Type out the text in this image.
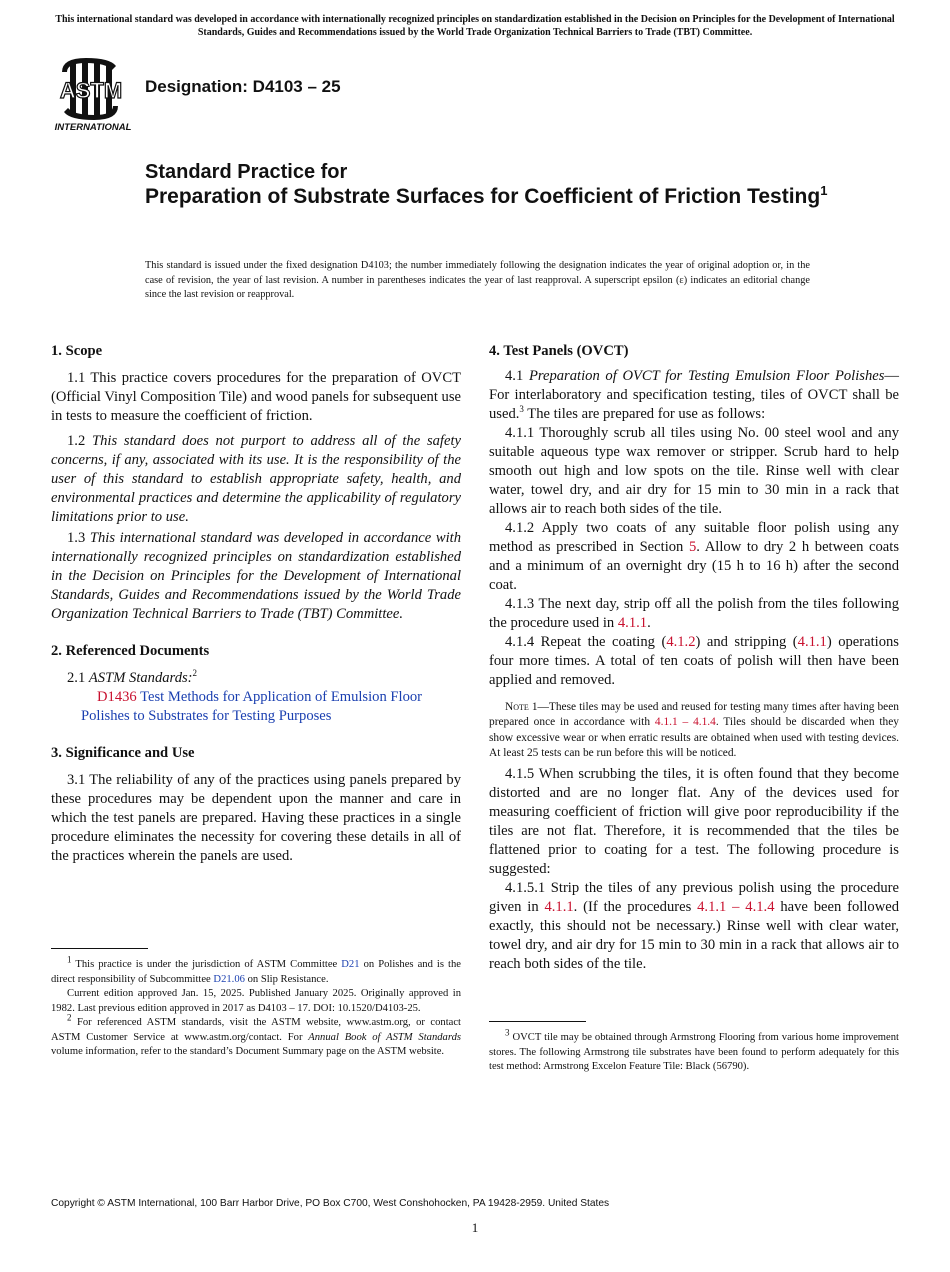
This international standard was developed in accordance with internationally recognized principles on standardization established in the Decision on Principles for the Development of International Standards, Guides and Recommendations issued by the World Trade Organization Technical Barriers to Trade (TBT) Committee.
ASTM
INTERNATIONAL
Designation: D4103 – 25
Standard Practice for
Preparation of Substrate Surfaces for Coefficient of Friction Testing$^1$
This standard is issued under the fixed designation D4103; the number immediately following the designation indicates the year of original adoption or, in the case of revision, the year of last revision. A number in parentheses indicates the year of last reapproval. A superscript epsilon (ε) indicates an editorial change since the last revision or reapproval.
1. Scope

1.1 This practice covers procedures for the preparation of OVCT (Official Vinyl Composition Tile) and wood panels for subsequent use in tests to measure the coefficient of friction.

1.2 This standard does not purport to address all of the safety concerns, if any, associated with its use. It is the responsibility of the user of this standard to establish appropriate safety, health, and environmental practices and determine the applicability of regulatory limitations prior to use.

1.3 This international standard was developed in accordance with internationally recognized principles on standardization established in the Decision on Principles for the Development of International Standards, Guides and Recommendations issued by the World Trade Organization Technical Barriers to Trade (TBT) Committee.

2. Referenced Documents

2.1 ASTM Standards:$^2$

D1436 Test Methods for Application of Emulsion Floor Polishes to Substrates for Testing Purposes

3. Significance and Use

3.1 The reliability of any of the practices using panels prepared by these procedures may be dependent upon the manner and care in which the test panels are prepared. Having these practices in a single procedure eliminates the necessity for covering these details in all of the practices wherein the panels are used.

4. Test Panels (OVCT)

4.1 Preparation of OVCT for Testing Emulsion Floor Polishes—For interlaboratory and specification testing, tiles of OVCT shall be used.$^3$ The tiles are prepared for use as follows:

4.1.1 Thoroughly scrub all tiles using No. 00 steel wool and any suitable aqueous type wax remover or stripper. Scrub hard to help smooth out high and low spots on the tile. Rinse well with clear water, towel dry, and air dry for 15 min to 30 min in a rack that allows air to reach both sides of the tile.

4.1.2 Apply two coats of any suitable floor polish using any method as prescribed in Section 5. Allow to dry 2 h between coats and a minimum of an overnight dry (15 h to 16 h) after the second coat.

4.1.3 The next day, strip off all the polish from the tiles following the procedure used in 4.1.1.

4.1.4 Repeat the coating (4.1.2) and stripping (4.1.1) operations four more times. A total of ten coats of polish will then have been applied and removed.

Note 1—These tiles may be used and reused for testing many times after having been prepared once in accordance with 4.1.1 – 4.1.4. Tiles should be discarded when they show excessive wear or when erratic results are obtained when used with testing devices. At least 25 tests can be run before this will be noticed.

4.1.5 When scrubbing the tiles, it is often found that they become distorted and are no longer flat. Any of the devices used for measuring coefficient of friction will give poor reproducibility if the tiles are not flat. Therefore, it is recommended that the tiles be flattened prior to coating for a test. The following procedure is suggested:

4.1.5.1 Strip the tiles of any previous polish using the procedure given in 4.1.1. (If the procedures 4.1.1 – 4.1.4 have been followed exactly, this should not be necessary.) Rinse well with clear water, towel dry, and air dry for 15 min to 30 min in a rack that allows air to reach both sides of the tile.

$^1$ This practice is under the jurisdiction of ASTM Committee D21 on Polishes and is the direct responsibility of Subcommittee D21.06 on Slip Resistance.

Current edition approved Jan. 15, 2025. Published January 2025. Originally approved in 1982. Last previous edition approved in 2017 as D4103 – 17. DOI: 10.1520/D4103-25.

$^2$ For referenced ASTM standards, visit the ASTM website, www.astm.org, or contact ASTM Customer Service at www.astm.org/contact. For Annual Book of ASTM Standards volume information, refer to the standard’s Document Summary page on the ASTM website.

$^3$ OVCT tile may be obtained through Armstrong Flooring from various home improvement stores. The following Armstrong tile substrates have been found to perform adequately for this test method: Armstrong Excelon Feature Tile: Black (56790).

Copyright © ASTM International, 100 Barr Harbor Drive, PO Box C700, West Conshohocken, PA 19428-2959. United States
1
